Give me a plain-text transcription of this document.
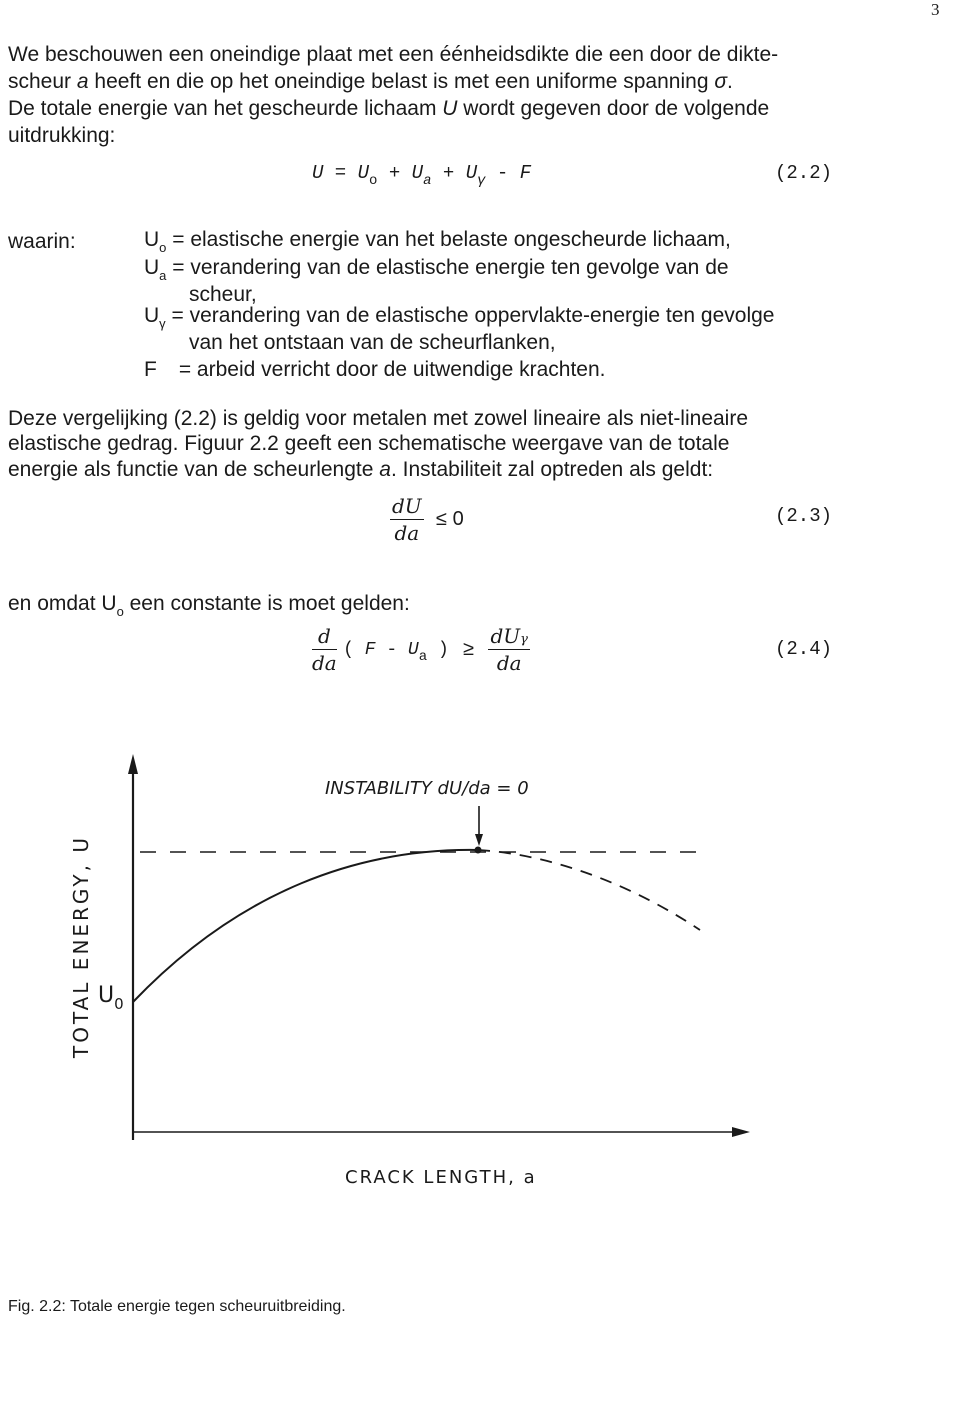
3
We beschouwen een oneindige plaat met een éénheidsdikte die een door de dikte-
scheur a heeft en die op het oneindige belast is met een uniforme spanning σ.
De totale energie van het gescheurde lichaam U wordt gegeven door de volgende
uitdrukking:
$U = U_o + U_a + U_\gamma - F$	(2.2)
waarin:	$U_o$ = elastische energie van het belaste ongescheurde lichaam,
$U_a$ = verandering van de elastische energie ten gevolge van de
scheur,
$U_\gamma$ = verandering van de elastische oppervlakte-energie ten gevolge
van het ontstaan van de scheurflanken,
F = arbeid verricht door de uitwendige krachten.
Deze vergelijking (2.2) is geldig voor metalen met zowel lineaire als niet-lineaire
elastische gedrag. Figuur 2.2 geeft een schematische weergave van de totale
energie als functie van de scheurlengte a. Instabiliteit zal optreden als geldt:
$\frac{dU}{da} \le 0$	(2.3)
en omdat $U_o$ een constante is moet gelden:
$\frac{d}{da}$ ( F - $U_a$ ) ≥ $\frac{\text{dUγ}}{da}$	(2.4)
INSTABILITY dU/da = 0
TOTAL ENERGY, U $U_0$
CRACK LENGTH, a
Fig. 2.2: Totale energie tegen scheuruitbreiding.
